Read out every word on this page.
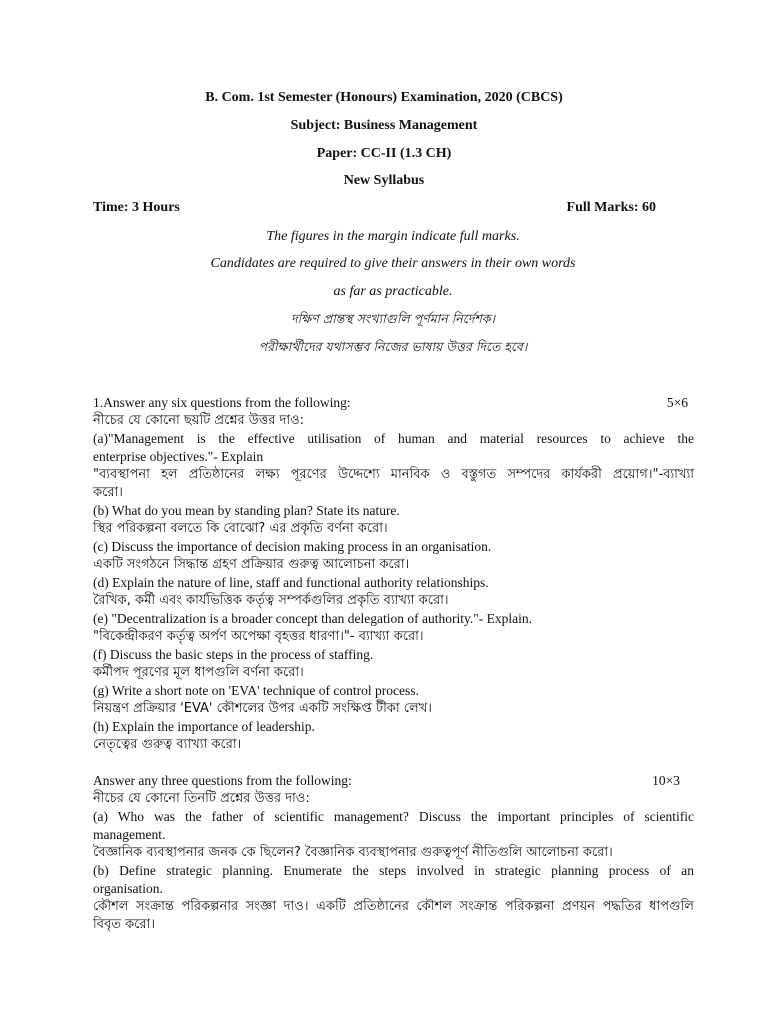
B. Com. 1st Semester (Honours) Examination, 2020 (CBCS)
Subject: Business Management
Paper: CC-II (1.3 CH)
New Syllabus
Time: 3 Hours	Full Marks: 60
The figures in the margin indicate full marks.
Candidates are required to give their answers in their own words
as far as practicable.
দক্ষিণ প্রান্তস্থ সংখ্যাগুলি পূর্ণমান নির্দেশক।
পরীক্ষার্থীদের যথাসম্ভব নিজের ভাষায় উত্তর দিতে হবে।
1.Answer any six questions from the following:	5×6
নীচের যে কোনো ছয়টি প্রশ্নের উত্তর দাও:
(a)"Management is the effective utilisation of human and material resources to achieve the
enterprise objectives."- Explain
"ব্যবস্থাপনা হল প্রতিষ্ঠানের লক্ষ্য পূরণের উদ্দেশ্যে মানবিক ও বস্তুগত সম্পদের কার্যকরী প্রয়োগ।"-ব্যাখ্যা
করো।
(b) What do you mean by standing plan? State its nature.
স্থির পরিকল্পনা বলতে কি বোঝো? এর প্রকৃতি বর্ণনা করো।
(c) Discuss the importance of decision making process in an organisation.
একটি সংগঠনে সিদ্ধান্ত গ্রহণ প্রক্রিয়ার গুরুত্ব আলোচনা করো।
(d) Explain the nature of line, staff and functional authority relationships.
রৈখিক, কর্মী এবং কার্যভিত্তিক কর্তৃত্ব সম্পর্কগুলির প্রকৃতি ব্যাখ্যা করো।
(e) "Decentralization is a broader concept than delegation of authority."- Explain.
"বিকেন্দ্রীকরণ কর্তৃত্ব অর্পণ অপেক্ষা বৃহত্তর ধারণা।"- ব্যাখ্যা করো।
(f) Discuss the basic steps in the process of staffing.
কর্মীপদ পূরণের মূল ধাপগুলি বর্ণনা করো।
(g) Write a short note on 'EVA' technique of control process.
নিয়ন্ত্রণ প্রক্রিয়ার 'EVA' কৌশলের উপর একটি সংক্ষিপ্ত টীকা লেখ।
(h) Explain the importance of leadership.
নেতৃত্বের গুরুত্ব ব্যাখ্যা করো।
Answer any three questions from the following:	10×3
নীচের যে কোনো তিনটি প্রশ্নের উত্তর দাও:
(a) Who was the father of scientific management? Discuss the important principles of scientific
management.
বৈজ্ঞানিক ব্যবস্থাপনার জনক কে ছিলেন? বৈজ্ঞানিক ব্যবস্থাপনার গুরুত্বপূর্ণ নীতিগুলি আলোচনা করো।
(b) Define strategic planning. Enumerate the steps involved in strategic planning process of an
organisation.
কৌশল সংক্রান্ত পরিকল্পনার সংজ্ঞা দাও। একটি প্রতিষ্ঠানের কৌশল সংক্রান্ত পরিকল্পনা প্রণয়ন পদ্ধতির ধাপগুলি
বিবৃত করো।
